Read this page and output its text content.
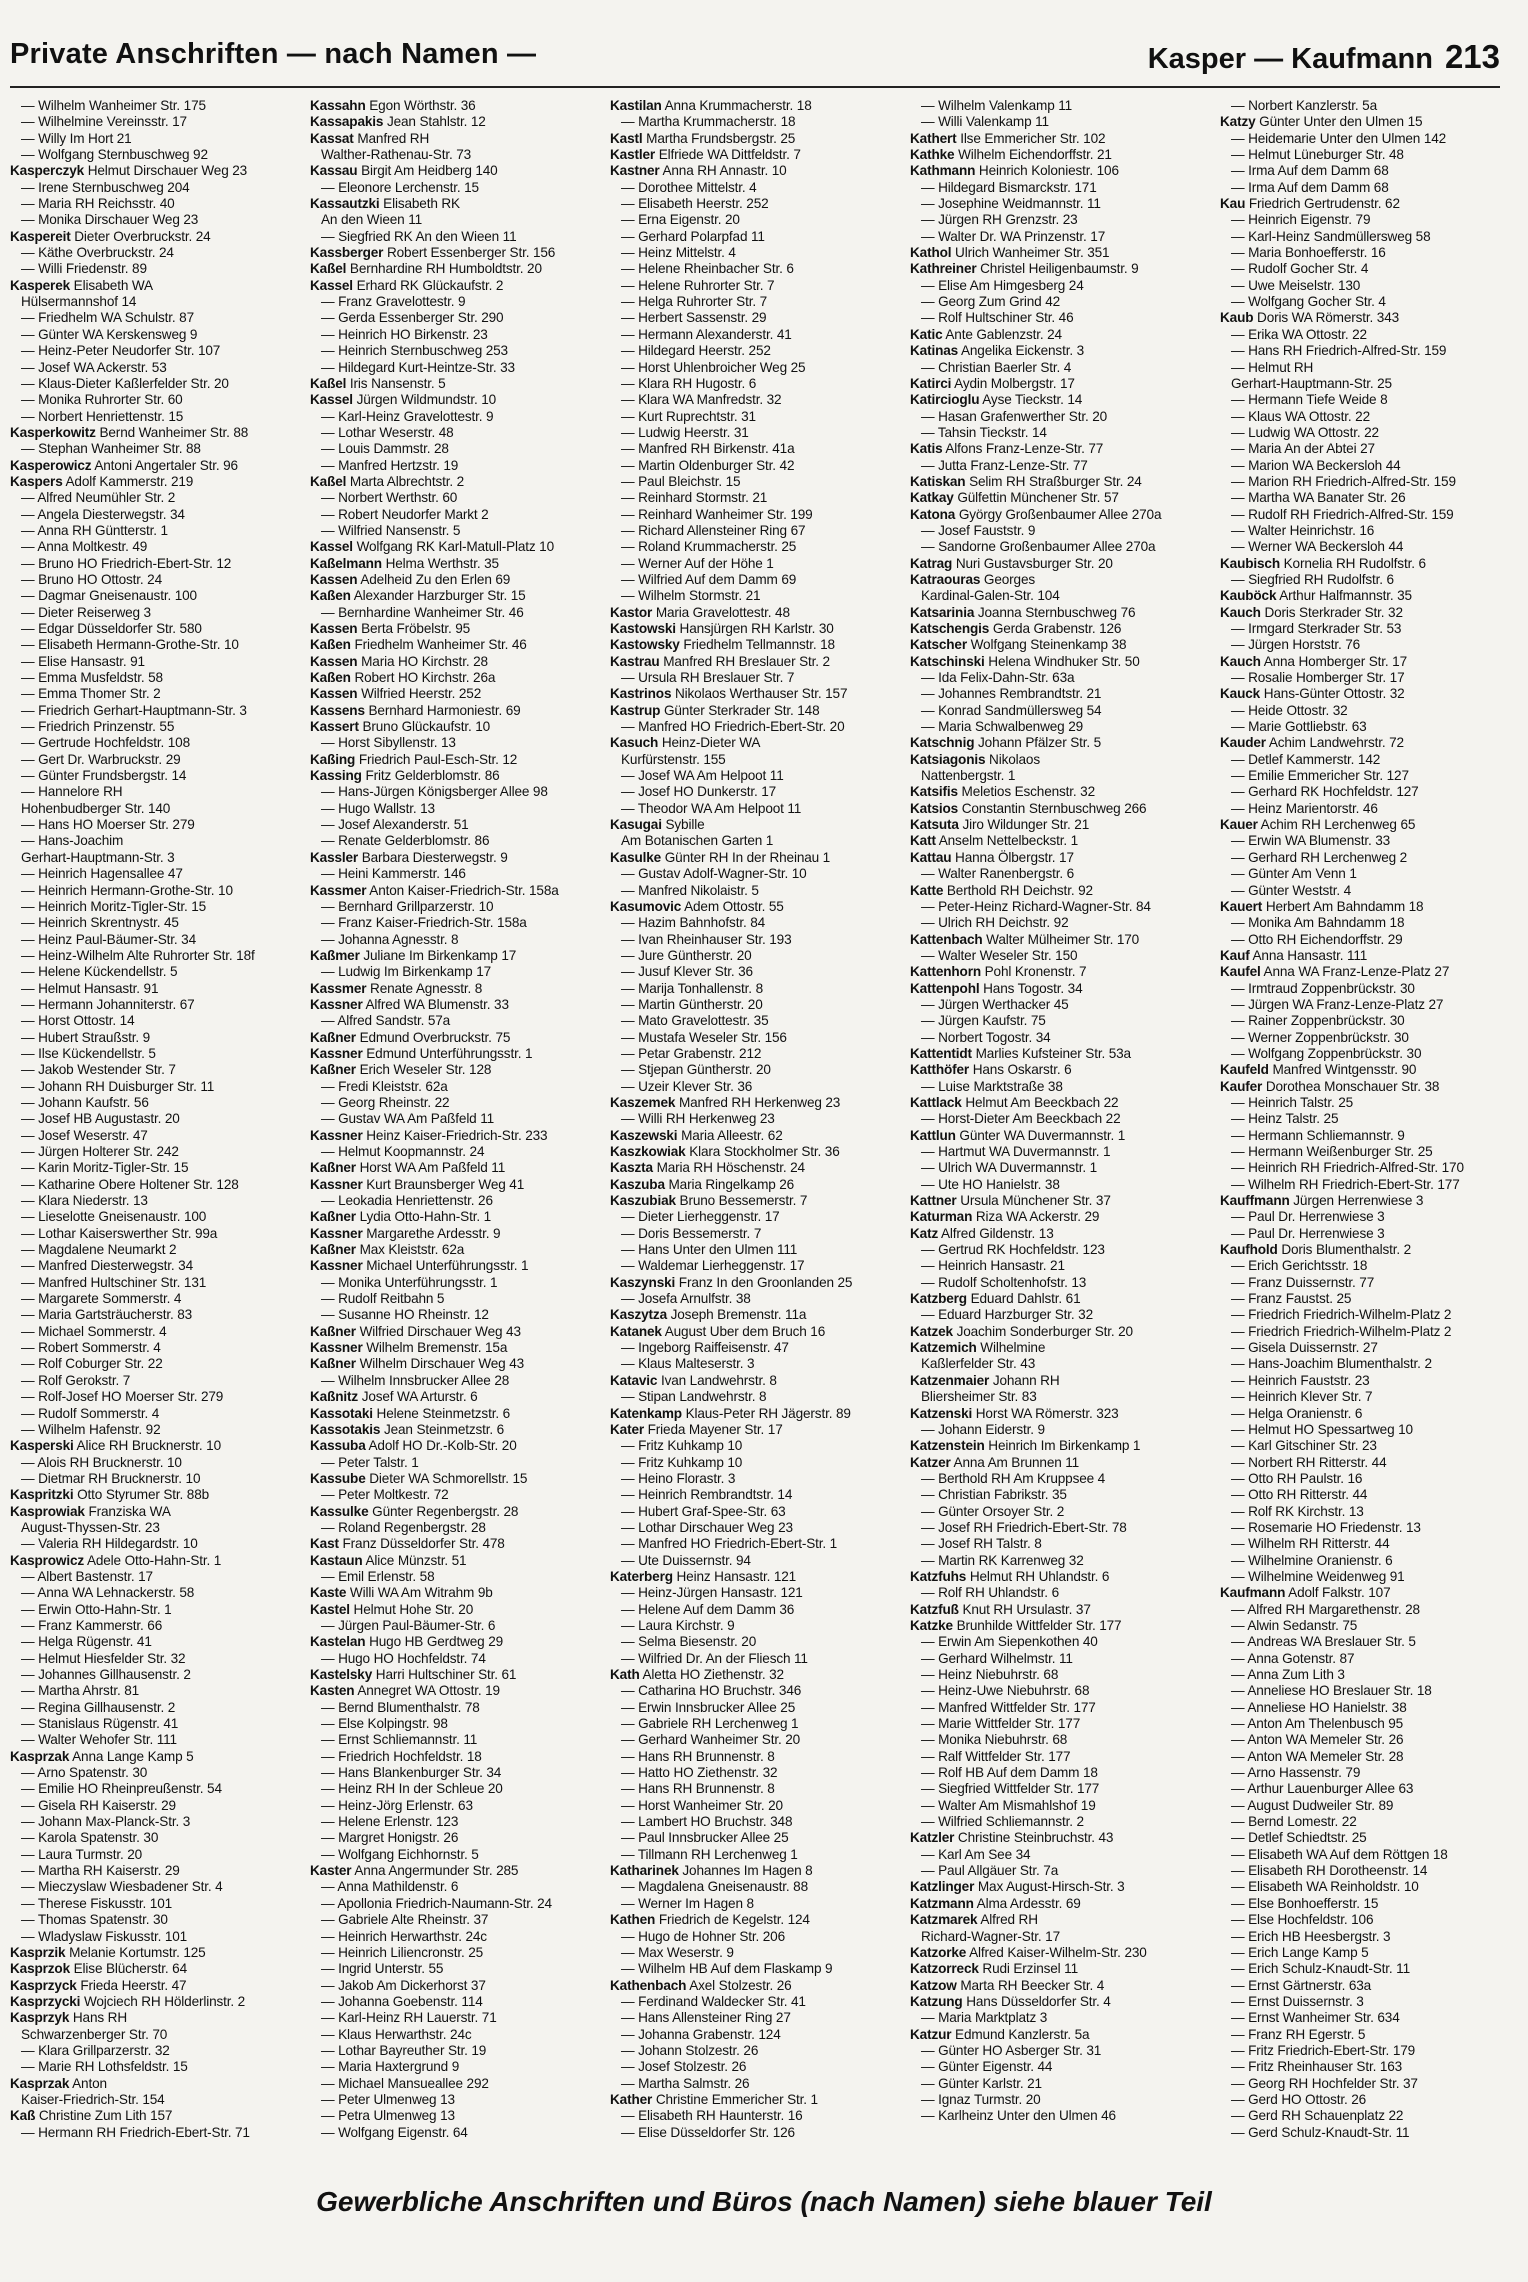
Private Anschriften — nach Namen —	Kasper — Kaufmann 213
— Wilhelm Wanheimer Str. 175
— Wilhelmine Vereinsstr. 17
— Willy Im Hort 21
— Wolfgang Sternbuschweg 92
Kasperczyk Helmut Dirschauer Weg 23
— Irene Sternbuschweg 204
— Maria RH Reichsstr. 40
— Monika Dirschauer Weg 23
Kaspereit Dieter Overbruckstr. 24
— Käthe Overbruckstr. 24
— Willi Friedenstr. 89
Kasperek Elisabeth WA
Hülsermannshof 14
— Friedhelm WA Schulstr. 87
— Günter WA Kerskensweg 9
— Heinz-Peter Neudorfer Str. 107
— Josef WA Ackerstr. 53
— Klaus-Dieter Kaßlerfelder Str. 20
— Monika Ruhrorter Str. 60
— Norbert Henriettenstr. 15
Kasperkowitz Bernd Wanheimer Str. 88
— Stephan Wanheimer Str. 88
Kasperowicz Antoni Angertaler Str. 96
Kaspers Adolf Kammerstr. 219
— Alfred Neumühler Str. 2
— Angela Diesterwegstr. 34
— Anna RH Güntterstr. 1
— Anna Moltkestr. 49
— Bruno HO Friedrich-Ebert-Str. 12
— Bruno HO Ottostr. 24
— Dagmar Gneisenaustr. 100
— Dieter Reiserweg 3
— Edgar Düsseldorfer Str. 580
— Elisabeth Hermann-Grothe-Str. 10
— Elise Hansastr. 91
— Emma Musfeldstr. 58
— Emma Thomer Str. 2
— Friedrich Gerhart-Hauptmann-Str. 3
— Friedrich Prinzenstr. 55
— Gertrude Hochfeldstr. 108
— Gert Dr. Warbruckstr. 29
— Günter Frundsbergstr. 14
— Hannelore RH
Hohenbudberger Str. 140
— Hans HO Moerser Str. 279
— Hans-Joachim
Gerhart-Hauptmann-Str. 3
— Heinrich Hagensallee 47
— Heinrich Hermann-Grothe-Str. 10
— Heinrich Moritz-Tigler-Str. 15
— Heinrich Skrentnystr. 45
— Heinz Paul-Bäumer-Str. 34
— Heinz-Wilhelm Alte Ruhrorter Str. 18f
— Helene Kückendellstr. 5
— Helmut Hansastr. 91
— Hermann Johanniterstr. 67
— Horst Ottostr. 14
— Hubert Straußstr. 9
— Ilse Kückendellstr. 5
— Jakob Westender Str. 7
— Johann RH Duisburger Str. 11
— Johann Kaufstr. 56
— Josef HB Augustastr. 20
— Josef Weserstr. 47
— Jürgen Holterer Str. 242
— Karin Moritz-Tigler-Str. 15
— Katharine Obere Holtener Str. 128
— Klara Niederstr. 13
— Lieselotte Gneisenaustr. 100
— Lothar Kaiserswerther Str. 99a
— Magdalene Neumarkt 2
— Manfred Diesterwegstr. 34
— Manfred Hultschiner Str. 131
— Margarete Sommerstr. 4
— Maria Gartsträucherstr. 83
— Michael Sommerstr. 4
— Robert Sommerstr. 4
— Rolf Coburger Str. 22
— Rolf Gerokstr. 7
— Rolf-Josef HO Moerser Str. 279
— Rudolf Sommerstr. 4
— Wilhelm Hafenstr. 92
Kasperski Alice RH Brucknerstr. 10
— Alois RH Brucknerstr. 10
— Dietmar RH Brucknerstr. 10
Kaspritzki Otto Styrumer Str. 88b
Kasprowiak Franziska WA
August-Thyssen-Str. 23
— Valeria RH Hildegardstr. 10
Kasprowicz Adele Otto-Hahn-Str. 1
— Albert Bastenstr. 17
— Anna WA Lehnackerstr. 58
— Erwin Otto-Hahn-Str. 1
— Franz Kammerstr. 66
— Helga Rügenstr. 41
— Helmut Hiesfelder Str. 32
— Johannes Gillhausenstr. 2
— Martha Ahrstr. 81
— Regina Gillhausenstr. 2
— Stanislaus Rügenstr. 41
— Walter Wehofer Str. 111
Kasprzak Anna Lange Kamp 5
— Arno Spatenstr. 30
— Emilie HO Rheinpreußenstr. 54
— Gisela RH Kaiserstr. 29
— Johann Max-Planck-Str. 3
— Karola Spatenstr. 30
— Laura Turmstr. 20
— Martha RH Kaiserstr. 29
— Mieczyslaw Wiesbadener Str. 4
— Therese Fiskusstr. 101
— Thomas Spatenstr. 30
— Wladyslaw Fiskusstr. 101
Kasprzik Melanie Kortumstr. 125
Kasprzok Elise Blücherstr. 64
Kasprzyck Frieda Heerstr. 47
Kasprzycki Wojciech RH Hölderlinstr. 2
Kasprzyk Hans RH
Schwarzenberger Str. 70
— Klara Grillparzerstr. 32
— Marie RH Lothsfeldstr. 15
Kasprzak Anton
Kaiser-Friedrich-Str. 154
Kaß Christine Zum Lith 157
— Hermann RH Friedrich-Ebert-Str. 71
Kassahn Egon Wörthstr. 36
Kassapakis Jean Stahlstr. 12
Kassat Manfred RH
Walther-Rathenau-Str. 73
Kassau Birgit Am Heidberg 140
— Eleonore Lerchenstr. 15
Kassautzki Elisabeth RK
An den Wieen 11
— Siegfried RK An den Wieen 11
Kassberger Robert Essenberger Str. 156
Kaßel Bernhardine RH Humboldtstr. 20
Kassel Erhard RK Glückaufstr. 2
— Franz Gravelottestr. 9
— Gerda Essenberger Str. 290
— Heinrich HO Birkenstr. 23
— Heinrich Sternbuschweg 253
— Hildegard Kurt-Heintze-Str. 33
Kaßel Iris Nansenstr. 5
Kassel Jürgen Wildmundstr. 10
— Karl-Heinz Gravelottestr. 9
— Lothar Weserstr. 48
— Louis Dammstr. 28
— Manfred Hertzstr. 19
Kaßel Marta Albrechtstr. 2
— Norbert Werthstr. 60
— Robert Neudorfer Markt 2
— Wilfried Nansenstr. 5
Kassel Wolfgang RK Karl-Matull-Platz 10
Kaßelmann Helma Werthstr. 35
Kassen Adelheid Zu den Erlen 69
Kaßen Alexander Harzburger Str. 15
— Bernhardine Wanheimer Str. 46
Kassen Berta Fröbelstr. 95
Kaßen Friedhelm Wanheimer Str. 46
Kassen Maria HO Kirchstr. 28
Kaßen Robert HO Kirchstr. 26a
Kassen Wilfried Heerstr. 252
Kassens Bernhard Harmoniestr. 69
Kassert Bruno Glückaufstr. 10
— Horst Sibyllenstr. 13
Kaßing Friedrich Paul-Esch-Str. 12
Kassing Fritz Gelderblomstr. 86
— Hans-Jürgen Königsberger Allee 98
— Hugo Wallstr. 13
— Josef Alexanderstr. 51
— Renate Gelderblomstr. 86
Kassler Barbara Diesterwegstr. 9
— Heini Kammerstr. 146
Kassmer Anton Kaiser-Friedrich-Str. 158a
— Bernhard Grillparzerstr. 10
— Franz Kaiser-Friedrich-Str. 158a
— Johanna Agnesstr. 8
Kaßmer Juliane Im Birkenkamp 17
— Ludwig Im Birkenkamp 17
Kassmer Renate Agnesstr. 8
Kassner Alfred WA Blumenstr. 33
— Alfred Sandstr. 57a
Kaßner Edmund Overbruckstr. 75
Kassner Edmund Unterführungsstr. 1
Kaßner Erich Weseler Str. 128
— Fredi Kleiststr. 62a
— Georg Rheinstr. 22
— Gustav WA Am Paßfeld 11
Kassner Heinz Kaiser-Friedrich-Str. 233
— Helmut Koopmannstr. 24
Kaßner Horst WA Am Paßfeld 11
Kassner Kurt Braunsberger Weg 41
— Leokadia Henriettenstr. 26
Kaßner Lydia Otto-Hahn-Str. 1
Kassner Margarethe Ardesstr. 9
Kaßner Max Kleiststr. 62a
Kassner Michael Unterführungsstr. 1
— Monika Unterführungsstr. 1
— Rudolf Reitbahn 5
— Susanne HO Rheinstr. 12
Kaßner Wilfried Dirschauer Weg 43
Kassner Wilhelm Bremenstr. 15a
Kaßner Wilhelm Dirschauer Weg 43
— Wilhelm Innsbrucker Allee 28
Kaßnitz Josef WA Arturstr. 6
Kassotaki Helene Steinmetzstr. 6
Kassotakis Jean Steinmetzstr. 6
Kassuba Adolf HO Dr.-Kolb-Str. 20
— Peter Talstr. 1
Kassube Dieter WA Schmorellstr. 15
— Peter Moltkestr. 72
Kassulke Günter Regenbergstr. 28
— Roland Regenbergstr. 28
Kast Franz Düsseldorfer Str. 478
Kastaun Alice Münzstr. 51
— Emil Erlenstr. 58
Kaste Willi WA Am Witrahm 9b
Kastel Helmut Hohe Str. 20
— Jürgen Paul-Bäumer-Str. 6
Kastelan Hugo HB Gerdtweg 29
— Hugo HO Hochfeldstr. 74
Kastelsky Harri Hultschiner Str. 61
Kasten Annegret WA Ottostr. 19
— Bernd Blumenthalstr. 78
— Else Kolpingstr. 98
— Ernst Schliemannstr. 11
— Friedrich Hochfeldstr. 18
— Hans Blankenburger Str. 34
— Heinz RH In der Schleue 20
— Heinz-Jörg Erlenstr. 63
— Helene Erlenstr. 123
— Margret Honigstr. 26
— Wolfgang Eichhornstr. 5
Kaster Anna Angermunder Str. 285
— Anna Mathildenstr. 6
— Apollonia Friedrich-Naumann-Str. 24
— Gabriele Alte Rheinstr. 37
— Heinrich Herwarthstr. 24c
— Heinrich Liliencronstr. 25
— Ingrid Unterstr. 55
— Jakob Am Dickerhorst 37
— Johanna Goebenstr. 114
— Karl-Heinz RH Lauerstr. 71
— Klaus Herwarthstr. 24c
— Lothar Bayreuther Str. 19
— Maria Haxtergrund 9
— Michael Mansueallee 292
— Peter Ulmenweg 13
— Petra Ulmenweg 13
— Wolfgang Eigenstr. 64
Kastilan Anna Krummacherstr. 18
— Martha Krummacherstr. 18
Kastl Martha Frundsbergstr. 25
Kastler Elfriede WA Dittfeldstr. 7
Kastner Anna RH Annastr. 10
— Dorothee Mittelstr. 4
— Elisabeth Heerstr. 252
— Erna Eigenstr. 20
— Gerhard Polarpfad 11
— Heinz Mittelstr. 4
— Helene Rheinbacher Str. 6
— Helene Ruhrorter Str. 7
— Helga Ruhrorter Str. 7
— Herbert Sassenstr. 29
— Hermann Alexanderstr. 41
— Hildegard Heerstr. 252
— Horst Uhlenbroicher Weg 25
— Klara RH Hugostr. 6
— Klara WA Manfredstr. 32
— Kurt Ruprechtstr. 31
— Ludwig Heerstr. 31
— Manfred RH Birkenstr. 41a
— Martin Oldenburger Str. 42
— Paul Bleichstr. 15
— Reinhard Stormstr. 21
— Reinhard Wanheimer Str. 199
— Richard Allensteiner Ring 67
— Roland Krummacherstr. 25
— Werner Auf der Höhe 1
— Wilfried Auf dem Damm 69
— Wilhelm Stormstr. 21
Kastor Maria Gravelottestr. 48
Kastowski Hansjürgen RH Karlstr. 30
Kastowsky Friedhelm Tellmannstr. 18
Kastrau Manfred RH Breslauer Str. 2
— Ursula RH Breslauer Str. 7
Kastrinos Nikolaos Werthauser Str. 157
Kastrup Günter Sterkrader Str. 148
— Manfred HO Friedrich-Ebert-Str. 20
Kasuch Heinz-Dieter WA
Kurfürstenstr. 155
— Josef WA Am Helpoot 11
— Josef HO Dunkerstr. 17
— Theodor WA Am Helpoot 11
Kasugai Sybille
Am Botanischen Garten 1
Kasulke Günter RH In der Rheinau 1
— Gustav Adolf-Wagner-Str. 10
— Manfred Nikolaistr. 5
Kasumovic Adem Ottostr. 55
— Hazim Bahnhofstr. 84
— Ivan Rheinhauser Str. 193
— Jure Güntherstr. 20
— Jusuf Klever Str. 36
— Marija Tonhallenstr. 8
— Martin Güntherstr. 20
— Mato Gravelottestr. 35
— Mustafa Weseler Str. 156
— Petar Grabenstr. 212
— Stjepan Güntherstr. 20
— Uzeir Klever Str. 36
Kaszemek Manfred RH Herkenweg 23
— Willi RH Herkenweg 23
Kaszewski Maria Alleestr. 62
Kaszkowiak Klara Stockholmer Str. 36
Kaszta Maria RH Höschenstr. 24
Kaszuba Maria Ringelkamp 26
Kaszubiak Bruno Bessemerstr. 7
— Dieter Lierheggenstr. 17
— Doris Bessemerstr. 7
— Hans Unter den Ulmen 111
— Waldemar Lierheggenstr. 17
Kaszynski Franz In den Groonlanden 25
— Josefa Arnulfstr. 38
Kaszytza Joseph Bremenstr. 11a
Katanek August Uber dem Bruch 16
— Ingeborg Raiffeisenstr. 47
— Klaus Malteserstr. 3
Katavic Ivan Landwehrstr. 8
— Stipan Landwehrstr. 8
Katenkamp Klaus-Peter RH Jägerstr. 89
Kater Frieda Mayener Str. 17
— Fritz Kuhkamp 10
— Fritz Kuhkamp 10
— Heino Florastr. 3
— Heinrich Rembrandtstr. 14
— Hubert Graf-Spee-Str. 63
— Lothar Dirschauer Weg 23
— Manfred HO Friedrich-Ebert-Str. 1
— Ute Duissernstr. 94
Katerberg Heinz Hansastr. 121
— Heinz-Jürgen Hansastr. 121
— Helene Auf dem Damm 36
— Laura Kirchstr. 9
— Selma Biesenstr. 20
— Wilfried Dr. An der Fliesch 11
Kath Aletta HO Ziethenstr. 32
— Catharina HO Bruchstr. 346
— Erwin Innsbrucker Allee 25
— Gabriele RH Lerchenweg 1
— Gerhard Wanheimer Str. 20
— Hans RH Brunnenstr. 8
— Hatto HO Ziethenstr. 32
— Hans RH Brunnenstr. 8
— Horst Wanheimer Str. 20
— Lambert HO Bruchstr. 348
— Paul Innsbrucker Allee 25
— Tillmann RH Lerchenweg 1
Katharinek Johannes Im Hagen 8
— Magdalena Gneisenaustr. 88
— Werner Im Hagen 8
Kathen Friedrich de Kegelstr. 124
— Hugo de Hohner Str. 206
— Max Weserstr. 9
— Wilhelm HB Auf dem Flaskamp 9
Kathenbach Axel Stolzestr. 26
— Ferdinand Waldecker Str. 41
— Hans Allensteiner Ring 27
— Johanna Grabenstr. 124
— Johann Stolzestr. 26
— Josef Stolzestr. 26
— Martha Salmstr. 26
Kather Christine Emmericher Str. 1
— Elisabeth RH Haunterstr. 16
— Elise Düsseldorfer Str. 126
— Wilhelm Valenkamp 11
— Willi Valenkamp 11
Kathert Ilse Emmericher Str. 102
Kathke Wilhelm Eichendorffstr. 21
Kathmann Heinrich Koloniestr. 106
— Hildegard Bismarckstr. 171
— Josephine Weidmannstr. 11
— Jürgen RH Grenzstr. 23
— Walter Dr. WA Prinzenstr. 17
Kathol Ulrich Wanheimer Str. 351
Kathreiner Christel Heiligenbaumstr. 9
— Elise Am Himgesberg 24
— Georg Zum Grind 42
— Rolf Hultschiner Str. 46
Katic Ante Gablenzstr. 24
Katinas Angelika Eickenstr. 3
— Christian Baerler Str. 4
Katirci Aydin Molbergstr. 17
Katircioglu Ayse Tieckstr. 14
— Hasan Grafenwerther Str. 20
— Tahsin Tieckstr. 14
Katis Alfons Franz-Lenze-Str. 77
— Jutta Franz-Lenze-Str. 77
Katiskan Selim RH Straßburger Str. 24
Katkay Gülfettin Münchener Str. 57
Katona György Großenbaumer Allee 270a
— Josef Fauststr. 9
— Sandorne Großenbaumer Allee 270a
Katrag Nuri Gustavsburger Str. 20
Katraouras Georges
Kardinal-Galen-Str. 104
Katsarinia Joanna Sternbuschweg 76
Katschengis Gerda Grabenstr. 126
Katscher Wolfgang Steinenkamp 38
Katschinski Helena Windhuker Str. 50
— Ida Felix-Dahn-Str. 63a
— Johannes Rembrandtstr. 21
— Konrad Sandmüllersweg 54
— Maria Schwalbenweg 29
Katschnig Johann Pfälzer Str. 5
Katsiagonis Nikolaos
Nattenbergstr. 1
Katsifis Meletios Eschenstr. 32
Katsios Constantin Sternbuschweg 266
Katsuta Jiro Wildunger Str. 21
Katt Anselm Nettelbeckstr. 1
Kattau Hanna Ölbergstr. 17
— Walter Ranenbergstr. 6
Katte Berthold RH Deichstr. 92
— Peter-Heinz Richard-Wagner-Str. 84
— Ulrich RH Deichstr. 92
Kattenbach Walter Mülheimer Str. 170
— Walter Weseler Str. 150
Kattenhorn Pohl Kronenstr. 7
Kattenpohl Hans Togostr. 34
— Jürgen Werthacker 45
— Jürgen Kaufstr. 75
— Norbert Togostr. 34
Kattentidt Marlies Kufsteiner Str. 53a
Katthöfer Hans Oskarstr. 6
— Luise Marktstraße 38
Kattlack Helmut Am Beeckbach 22
— Horst-Dieter Am Beeckbach 22
Kattlun Günter WA Duvermannstr. 1
— Hartmut WA Duvermannstr. 1
— Ulrich WA Duvermannstr. 1
— Ute HO Hanielstr. 38
Kattner Ursula Münchener Str. 37
Katurman Riza WA Ackerstr. 29
Katz Alfred Gildenstr. 13
— Gertrud RK Hochfeldstr. 123
— Heinrich Hansastr. 21
— Rudolf Scholtenhofstr. 13
Katzberg Eduard Dahlstr. 61
— Eduard Harzburger Str. 32
Katzek Joachim Sonderburger Str. 20
Katzemich Wilhelmine
Kaßlerfelder Str. 43
Katzenmaier Johann RH
Bliersheimer Str. 83
Katzenski Horst WA Römerstr. 323
— Johann Eiderstr. 9
Katzenstein Heinrich Im Birkenkamp 1
Katzer Anna Am Brunnen 11
— Berthold RH Am Kruppsee 4
— Christian Fabrikstr. 35
— Günter Orsoyer Str. 2
— Josef RH Friedrich-Ebert-Str. 78
— Josef RH Talstr. 8
— Martin RK Karrenweg 32
Katzfuhs Helmut RH Uhlandstr. 6
— Rolf RH Uhlandstr. 6
Katzfuß Knut RH Ursulastr. 37
Katzke Brunhilde Wittfelder Str. 177
— Erwin Am Siepenkothen 40
— Gerhard Wilhelmstr. 11
— Heinz Niebuhrstr. 68
— Heinz-Uwe Niebuhrstr. 68
— Manfred Wittfelder Str. 177
— Marie Wittfelder Str. 177
— Monika Niebuhrstr. 68
— Ralf Wittfelder Str. 177
— Rolf HB Auf dem Damm 18
— Siegfried Wittfelder Str. 177
— Walter Am Mismahlshof 19
— Wilfried Schliemannstr. 2
Katzler Christine Steinbruchstr. 43
— Karl Am See 34
— Paul Allgäuer Str. 7a
Katzlinger Max August-Hirsch-Str. 3
Katzmann Alma Ardesstr. 69
Katzmarek Alfred RH
Richard-Wagner-Str. 17
Katzorke Alfred Kaiser-Wilhelm-Str. 230
Katzorreck Rudi Erzinsel 11
Katzow Marta RH Beecker Str. 4
Katzung Hans Düsseldorfer Str. 4
— Maria Marktplatz 3
Katzur Edmund Kanzlerstr. 5a
— Günter HO Asberger Str. 31
— Günter Eigenstr. 44
— Günter Karlstr. 21
— Ignaz Turmstr. 20
— Karlheinz Unter den Ulmen 46
— Norbert Kanzlerstr. 5a
Katzy Günter Unter den Ulmen 15
— Heidemarie Unter den Ulmen 142
— Helmut Lüneburger Str. 48
— Irma Auf dem Damm 68
— Irma Auf dem Damm 68
Kau Friedrich Gertrudenstr. 62
— Heinrich Eigenstr. 79
— Karl-Heinz Sandmüllersweg 58
— Maria Bonhoefferstr. 16
— Rudolf Gocher Str. 4
— Uwe Meiselstr. 130
— Wolfgang Gocher Str. 4
Kaub Doris WA Römerstr. 343
— Erika WA Ottostr. 22
— Hans RH Friedrich-Alfred-Str. 159
— Helmut RH
Gerhart-Hauptmann-Str. 25
— Hermann Tiefe Weide 8
— Klaus WA Ottostr. 22
— Ludwig WA Ottostr. 22
— Maria An der Abtei 27
— Marion WA Beckersloh 44
— Marion RH Friedrich-Alfred-Str. 159
— Martha WA Banater Str. 26
— Rudolf RH Friedrich-Alfred-Str. 159
— Walter Heinrichstr. 16
— Werner WA Beckersloh 44
Kaubisch Kornelia RH Rudolfstr. 6
— Siegfried RH Rudolfstr. 6
Kauböck Arthur Halfmannstr. 35
Kauch Doris Sterkrader Str. 32
— Irmgard Sterkrader Str. 53
— Jürgen Horststr. 76
Kauch Anna Homberger Str. 17
— Rosalie Homberger Str. 17
Kauck Hans-Günter Ottostr. 32
— Heide Ottostr. 32
— Marie Gottliebstr. 63
Kauder Achim Landwehrstr. 72
— Detlef Kammerstr. 142
— Emilie Emmericher Str. 127
— Gerhard RK Hochfeldstr. 127
— Heinz Marientorstr. 46
Kauer Achim RH Lerchenweg 65
— Erwin WA Blumenstr. 33
— Gerhard RH Lerchenweg 2
— Günter Am Venn 1
— Günter Weststr. 4
Kauert Herbert Am Bahndamm 18
— Monika Am Bahndamm 18
— Otto RH Eichendorffstr. 29
Kauf Anna Hansastr. 111
Kaufel Anna WA Franz-Lenze-Platz 27
— Irmtraud Zoppenbrückstr. 30
— Jürgen WA Franz-Lenze-Platz 27
— Rainer Zoppenbrückstr. 30
— Werner Zoppenbrückstr. 30
— Wolfgang Zoppenbrückstr. 30
Kaufeld Manfred Wintgensstr. 90
Kaufer Dorothea Monschauer Str. 38
— Heinrich Talstr. 25
— Heinz Talstr. 25
— Hermann Schliemannstr. 9
— Hermann Weißenburger Str. 25
— Heinrich RH Friedrich-Alfred-Str. 170
— Wilhelm RH Friedrich-Ebert-Str. 177
Kauffmann Jürgen Herrenwiese 3
— Paul Dr. Herrenwiese 3
— Paul Dr. Herrenwiese 3
Kaufhold Doris Blumenthalstr. 2
— Erich Gerichtsstr. 18
— Franz Duissernstr. 77
— Franz Faustst. 25
— Friedrich Friedrich-Wilhelm-Platz 2
— Friedrich Friedrich-Wilhelm-Platz 2
— Gisela Duissernstr. 27
— Hans-Joachim Blumenthalstr. 2
— Heinrich Fauststr. 23
— Heinrich Klever Str. 7
— Helga Oranienstr. 6
— Helmut HO Spessartweg 10
— Karl Gitschiner Str. 23
— Norbert RH Ritterstr. 44
— Otto RH Paulstr. 16
— Otto RH Ritterstr. 44
— Rolf RK Kirchstr. 13
— Rosemarie HO Friedenstr. 13
— Wilhelm RH Ritterstr. 44
— Wilhelmine Oranienstr. 6
— Wilhelmine Weidenweg 91
Kaufmann Adolf Falkstr. 107
— Alfred RH Margarethenstr. 28
— Alwin Sedanstr. 75
— Andreas WA Breslauer Str. 5
— Anna Gotenstr. 87
— Anna Zum Lith 3
— Anneliese HO Breslauer Str. 18
— Anneliese HO Hanielstr. 38
— Anton Am Thelenbusch 95
— Anton WA Memeler Str. 26
— Anton WA Memeler Str. 28
— Arno Hassenstr. 79
— Arthur Lauenburger Allee 63
— August Dudweiler Str. 89
— Bernd Lomestr. 22
— Detlef Schiedtstr. 25
— Elisabeth WA Auf dem Röttgen 18
— Elisabeth RH Dorotheenstr. 14
— Elisabeth WA Reinholdstr. 10
— Else Bonhoefferstr. 15
— Else Hochfeldstr. 106
— Erich HB Heesbergstr. 3
— Erich Lange Kamp 5
— Erich Schulz-Knaudt-Str. 11
— Ernst Gärtnerstr. 63a
— Ernst Duissernstr. 3
— Ernst Wanheimer Str. 634
— Franz RH Egerstr. 5
— Fritz Friedrich-Ebert-Str. 179
— Fritz Rheinhauser Str. 163
— Georg RH Hochfelder Str. 37
— Gerd HO Ottostr. 26
— Gerd RH Schauenplatz 22
— Gerd Schulz-Knaudt-Str. 11
Gewerbliche Anschriften und Büros (nach Namen) siehe blauer Teil
